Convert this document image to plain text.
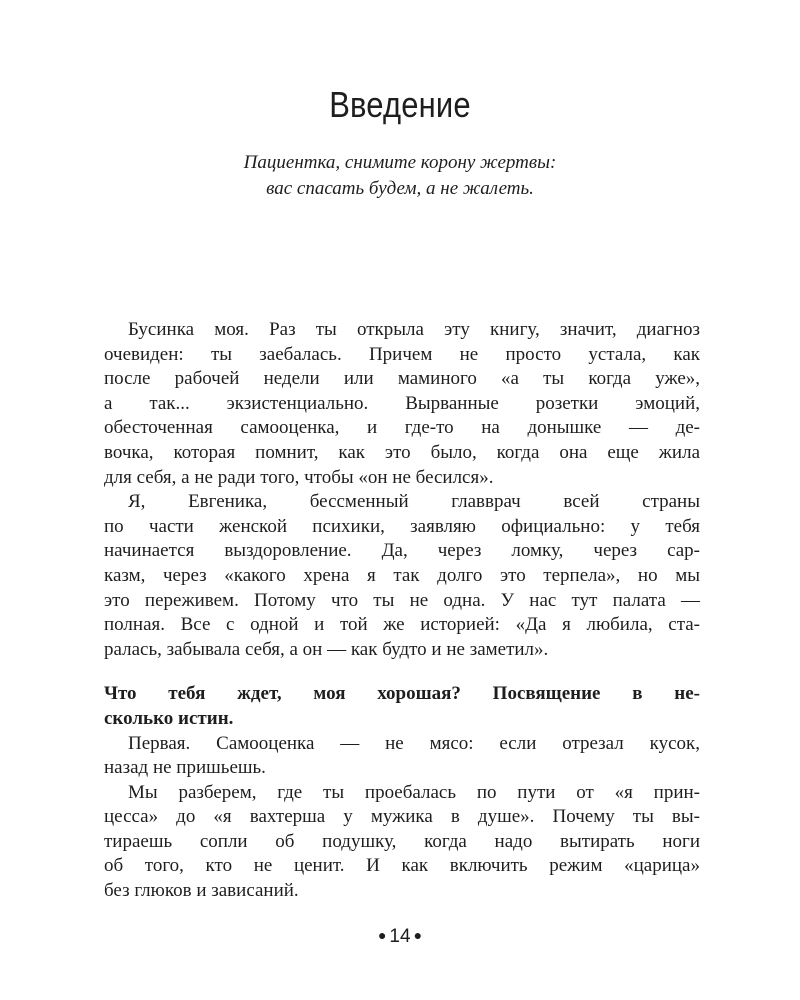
Введение
Пациентка, снимите корону жертвы:
вас спасать будем, а не жалеть.
Бусинка моя. Раз ты открыла эту книгу, значит, диагноз
очевиден: ты заебалась. Причем не просто устала, как
после рабочей недели или маминого «а ты когда уже»,
а так... экзистенциально. Вырванные розетки эмоций,
обесточенная самооценка, и где-то на донышке — де-
вочка, которая помнит, как это было, когда она еще жила
для себя, а не ради того, чтобы «он не бесился».
Я, Евгеника, бессменный главврач всей страны
по части женской психики, заявляю официально: у тебя
начинается выздоровление. Да, через ломку, через сар-
казм, через «какого хрена я так долго это терпела», но мы
это переживем. Потому что ты не одна. У нас тут палата —
полная. Все с одной и той же историей: «Да я любила, ста-
ралась, забывала себя, а он — как будто и не заметил».
Что тебя ждет, моя хорошая? Посвящение в не-
сколько истин.
Первая. Самооценка — не мясо: если отрезал кусок,
назад не пришьешь.
Мы разберем, где ты проебалась по пути от «я прин-
цесса» до «я вахтерша у мужика в душе». Почему ты вы-
тираешь сопли об подушку, когда надо вытирать ноги
об того, кто не ценит. И как включить режим «царица»
без глюков и зависаний.
● 14 ●
